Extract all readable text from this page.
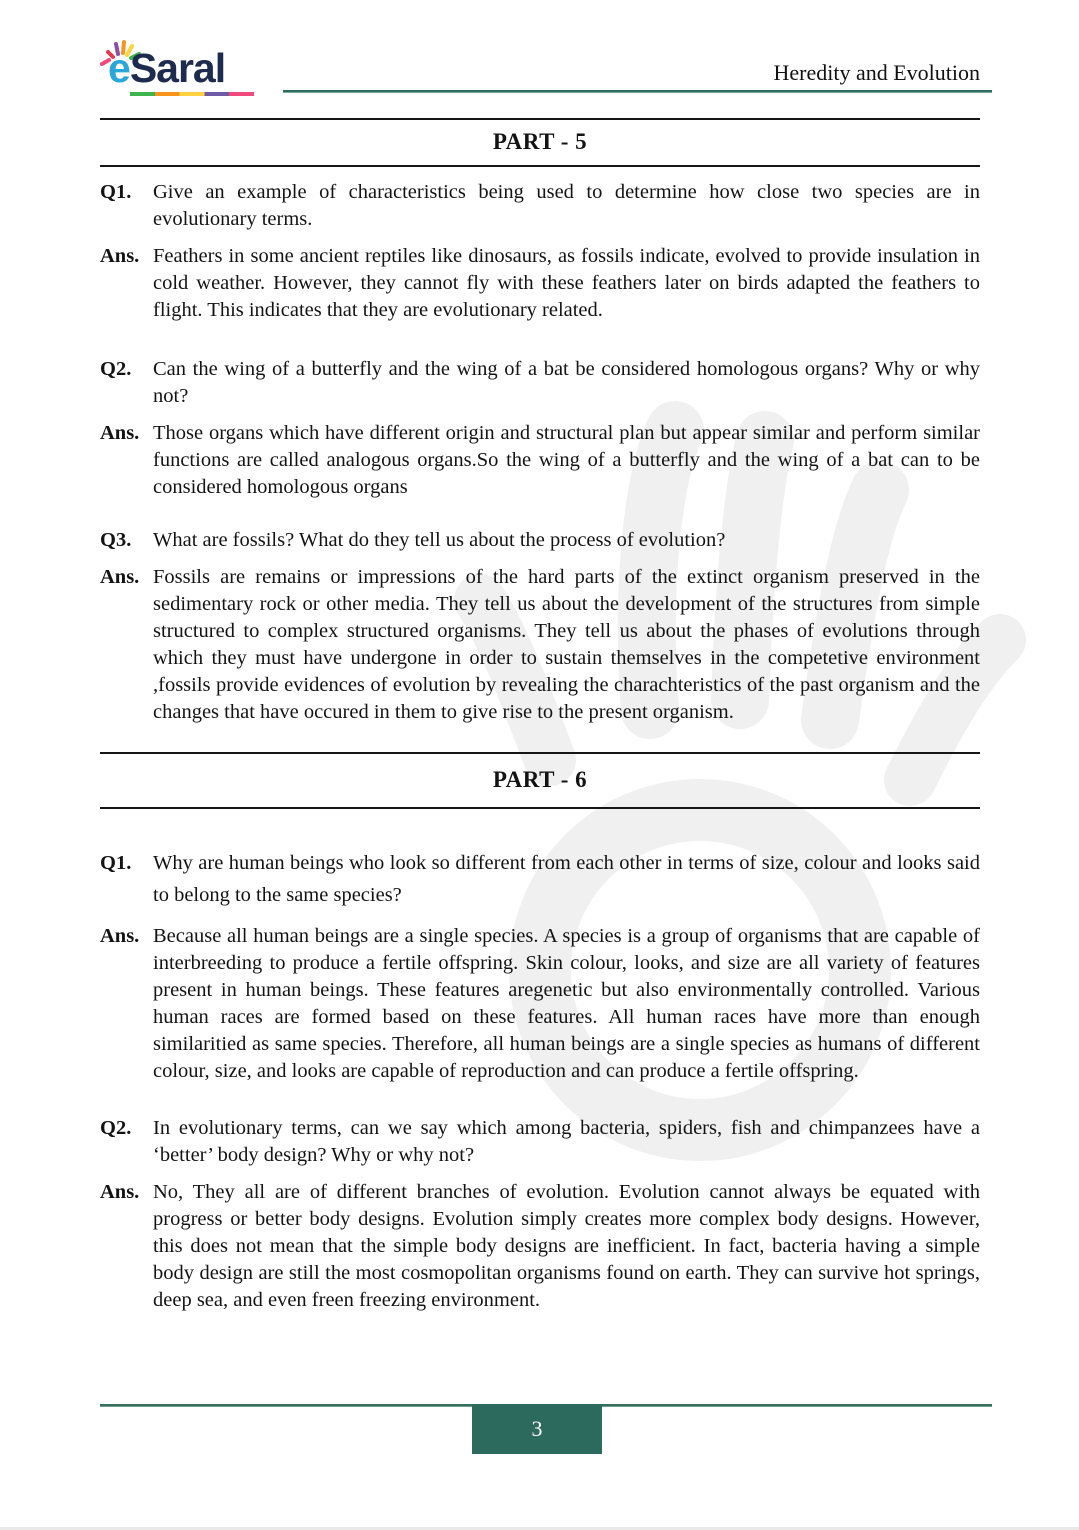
eSaral	Heredity and Evolution
PART - 5
Q1.	Give an example of characteristics being used to determine how close two species are in evolutionary terms.
Ans. Feathers in some ancient reptiles like dinosaurs, as fossils indicate, evolved to provide insulation in cold weather. However, they cannot fly with these feathers later on birds adapted the feathers to flight. This indicates that they are evolutionary related.
Q2.	Can the wing of a butterfly and the wing of a bat be considered homologous organs? Why or why not?
Ans. Those organs which have different origin and structural plan but appear similar and perform similar functions are called analogous organs.So the wing of a butterfly and the wing of a bat can to be considered homologous organs
Q3.	What are fossils? What do they tell us about the process of evolution?
Ans. Fossils are remains or impressions of the hard parts of the extinct organism preserved in the sedimentary rock or other media. They tell us about the development of the structures from simple structured to complex structured organisms. They tell us about the phases of evolutions through which they must have undergone in order to sustain themselves in the competetive environment ,fossils provide evidences of evolution by revealing the charachteristics of the past organism and the changes that have occured in them to give rise to the present organism.
PART - 6
Q1.	Why are human beings who look so different from each other in terms of size, colour and looks said to belong to the same species?
Ans. Because all human beings are a single species. A species is a group of organisms that are capable of interbreeding to produce a fertile offspring. Skin colour, looks, and size are all variety of features present in human beings. These features aregenetic but also environmentally controlled. Various human races are formed based on these features. All human races have more than enough similaritied as same species. Therefore, all human beings are a single species as humans of different colour, size, and looks are capable of reproduction and can produce a fertile offspring.
Q2.	In evolutionary terms, can we say which among bacteria, spiders, fish and chimpanzees have a ‘better’ body design? Why or why not?
Ans. No, They all are of different branches of evolution. Evolution cannot always be equated with progress or better body designs. Evolution simply creates more complex body designs. However, this does not mean that the simple body designs are inefficient. In fact, bacteria having a simple body design are still the most cosmopolitan organisms found on earth. They can survive hot springs, deep sea, and even freen freezing environment.
3
